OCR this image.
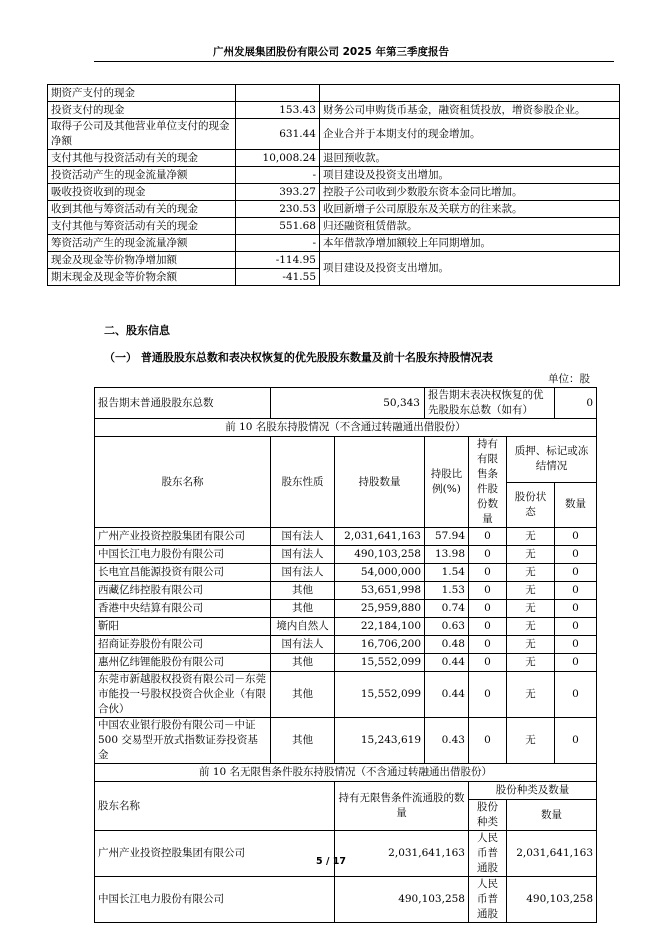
广州发展集团股份有限公司 2025 年第三季度报告
期资产支付的现金		
投资支付的现金	153.43	财务公司申购货币基金，融资租赁投放，增资参股企业。
取得子公司及其他营业单位支付的现金净额	631.44	企业合并于本期支付的现金增加。
支付其他与投资活动有关的现金	10,008.24	退回预收款。
投资活动产生的现金流量净额	-	项目建设及投资支出增加。
吸收投资收到的现金	393.27	控股子公司收到少数股东资本金同比增加。
收到其他与筹资活动有关的现金	230.53	收回新增子公司原股东及关联方的往来款。
支付其他与筹资活动有关的现金	551.68	归还融资租赁借款。
筹资活动产生的现金流量净额	-	本年借款净增加额较上年同期增加。
现金及现金等价物净增加额	-114.95	项目建设及投资支出增加。
期末现金及现金等价物余额	-41.55	
二、股东信息
（一） 普通股股东总数和表决权恢复的优先股股东数量及前十名股东持股情况表
单位：股
报告期末普通股股东总数	50,343		报告期末表决权恢复的优先股股东总数（如有）			0
前 10 名股东持股情况（不含通过转融通出借股份）						
股东名称	股东性质	持股数量	持股比例(%)	持有有限售条件股份数量	质押、标记或冻结情况	
					股份状态	数量
广州产业投资控股集团有限公司	国有法人	2,031,641,163	57.94	0	无	0
中国长江电力股份有限公司	国有法人	490,103,258	13.98	0	无	0
长电宜昌能源投资有限公司	国有法人	54,000,000	1.54	0	无	0
西藏亿纬控股有限公司	其他	53,651,998	1.53	0	无	0
香港中央结算有限公司	其他	25,959,880	0.74	0	无	0
靳阳	境内自然人	22,184,100	0.63	0	无	0
招商证券股份有限公司	国有法人	16,706,200	0.48	0	无	0
惠州亿纬锂能股份有限公司	其他	15,552,099	0.44	0	无	0
东莞市新越股权投资有限公司－东莞市能投一号股权投资合伙企业（有限合伙）	其他	15,552,099	0.44	0	无	0
中国农业银行股份有限公司－中证 500 交易型开放式指数证券投资基金	其他	15,243,619	0.43	0	无	0
前 10 名无限售条件股东持股情况（不含通过转融通出借股份）						
股东名称		持有无限售条件流通股的数量		股份种类及数量		
				股份种类	数量	
广州产业投资控股集团有限公司		2,031,641,163		人民币普通股	2,031,641,163	
中国长江电力股份有限公司		490,103,258		人民币普通股	490,103,258	
5 / 17
